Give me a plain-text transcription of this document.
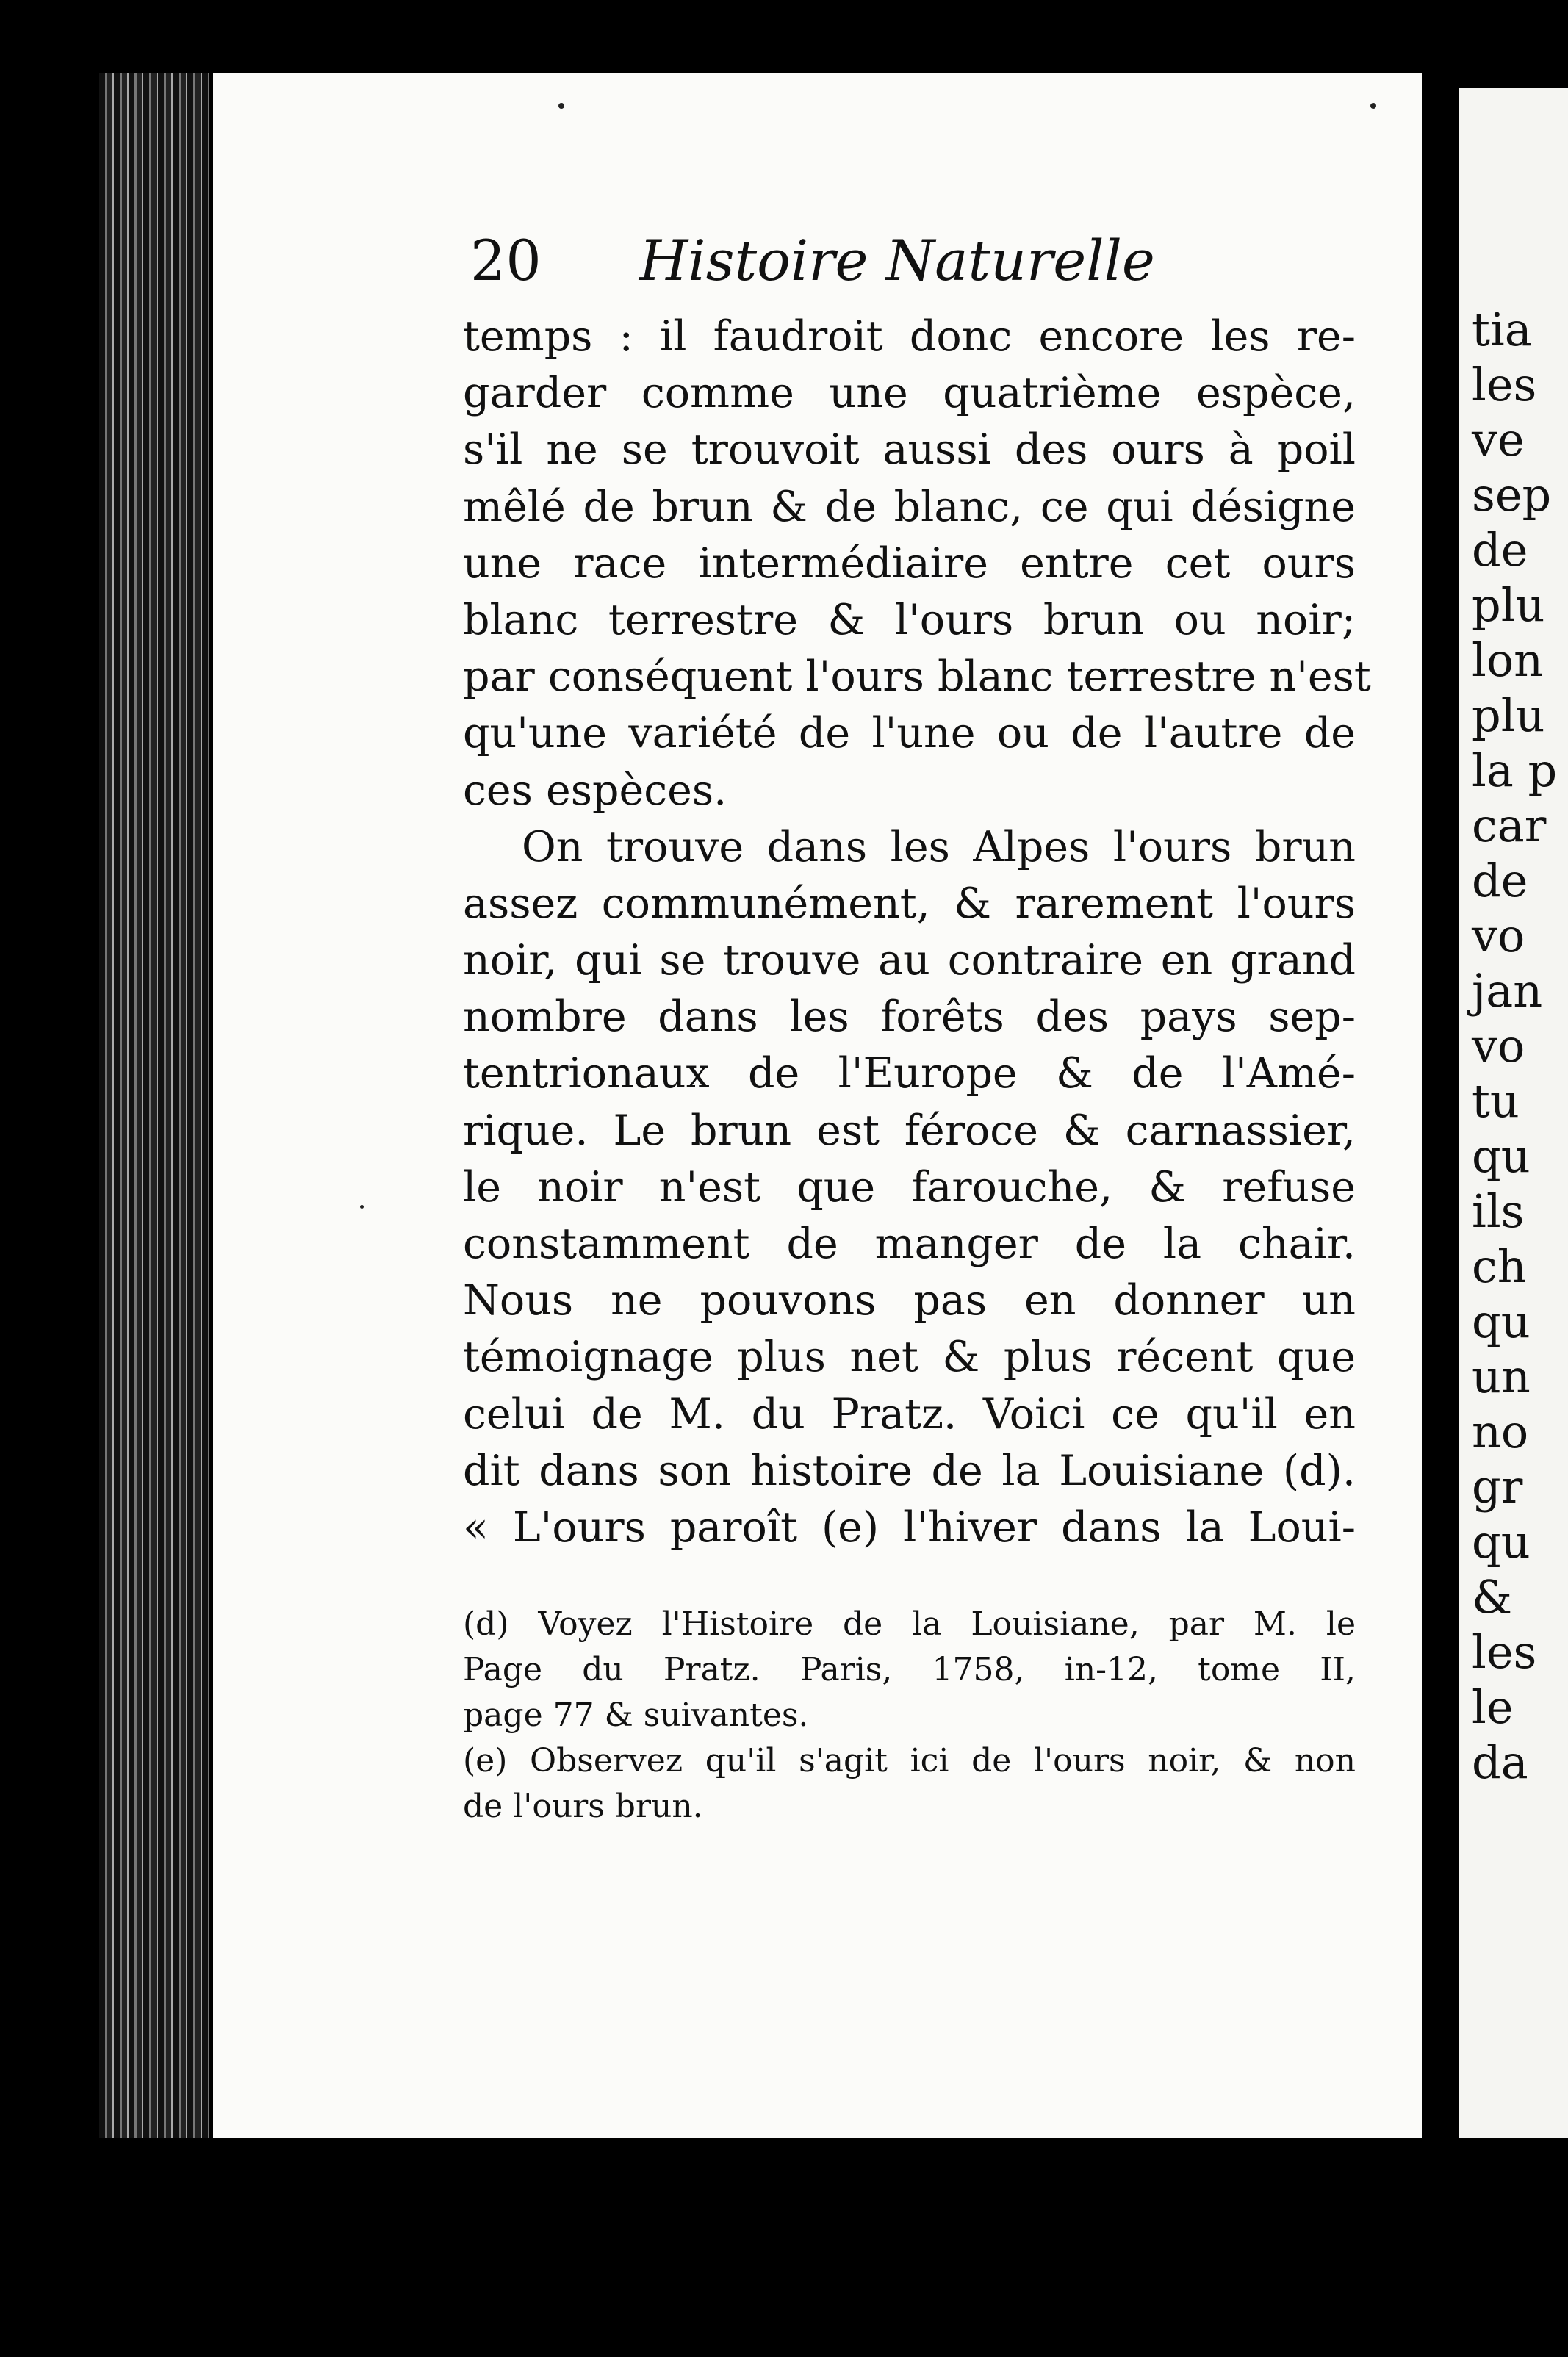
20 Histoire Naturelle
temps : il faudroit donc encore les re-
garder comme une quatrième espèce,
s'il ne se trouvoit aussi des ours à poil
mêlé de brun & de blanc, ce qui désigne
une race intermédiaire entre cet ours
blanc terrestre & l'ours brun ou noir;
par conséquent l'ours blanc terrestre n'est
qu'une variété de l'une ou de l'autre de
ces espèces.
On trouve dans les Alpes l'ours brun
assez communément, & rarement l'ours
noir, qui se trouve au contraire en grand
nombre dans les forêts des pays sep-
tentrionaux de l'Europe & de l'Amé-
rique. Le brun est féroce & carnassier,
le noir n'est que farouche, & refuse
constamment de manger de la chair.
Nous ne pouvons pas en donner un
témoignage plus net & plus récent que
celui de M. du Pratz. Voici ce qu'il en
dit dans son histoire de la Louisiane (d).
« L'ours paroît (e) l'hiver dans la Loui-
(d) Voyez l'Histoire de la Louisiane, par M. le
Page du Pratz. Paris, 1758, in-12, tome II,
page 77 & suivantes.
(e) Observez qu'il s'agit ici de l'ours noir, & non
de l'ours brun.
tia
les
ve
sep
de
plu
lon
plu
la p
car
de
vo
jan
vo
tu
qu
ils
ch
qu
un
no
gr
qu
&
les
le
da
